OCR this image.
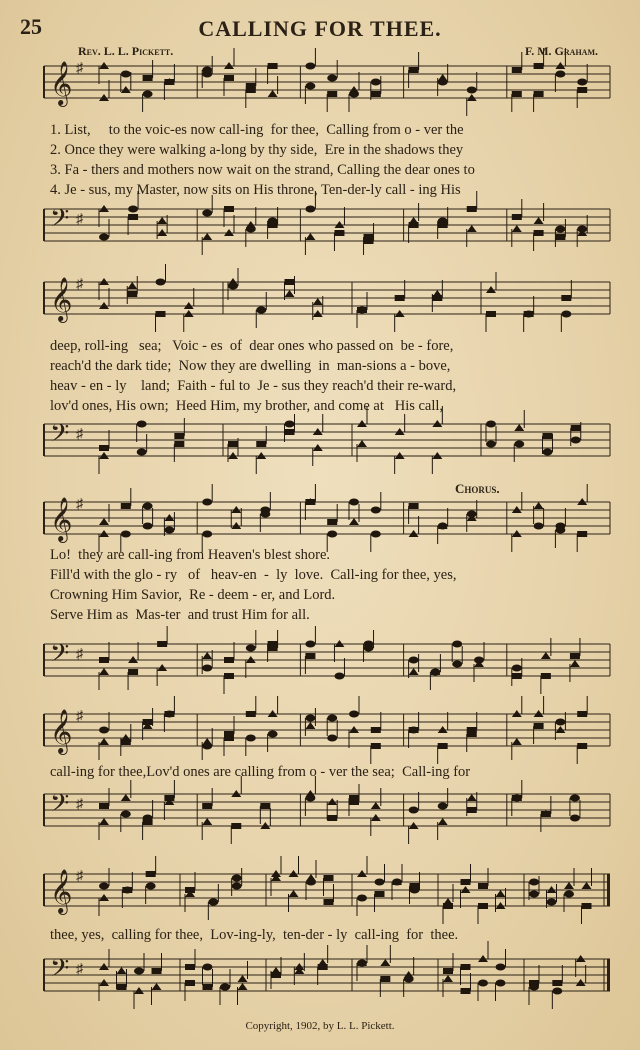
25	CALLING FOR THEE.
Rev. L. L. Pickett.	F. M. Graham.
𝄞 ♯
1. List,     to the voic-es now call-ing  for thee,  Calling from o - ver the
2. Once they were walking a-long by thy side,  Ere in the shadows they
3. Fa - thers and mothers now wait on the strand, Calling the dear ones to
4. Je - sus, my Master, now sits on His throne, Ten-der-ly call - ing His
𝄢 ♯
𝄞 ♯
deep, roll-ing   sea;   Voic - es  of  dear ones who passed on  be - fore,
reach'd the dark tide;  Now they are dwelling  in  man-sions a - bove,
heav - en - ly    land;  Faith - ful to  Je - sus they reach'd their re-ward,
lov'd ones, His own;  Heed Him, my brother, and come at   His call,
𝄢 ♯
Chorus.
𝄞 ♯
Lo!  they are call-ing from Heaven's blest shore.
Fill'd with the glo - ry   of   heav-en  -  ly  love.  Call-ing for thee, yes,
Crowning Him Savior,  Re - deem - er, and Lord.
Serve Him as  Mas-ter  and trust Him for all.
𝄢 ♯
𝄞 ♯
call-ing for thee,Lov'd ones are calling from o - ver the sea;  Call-ing for
𝄢 ♯
𝄞 ♯
thee, yes,  calling for thee,  Lov-ing-ly,  ten-der - ly  call-ing  for  thee.
𝄢 ♯
Copyright, 1902, by L. L. Pickett.
